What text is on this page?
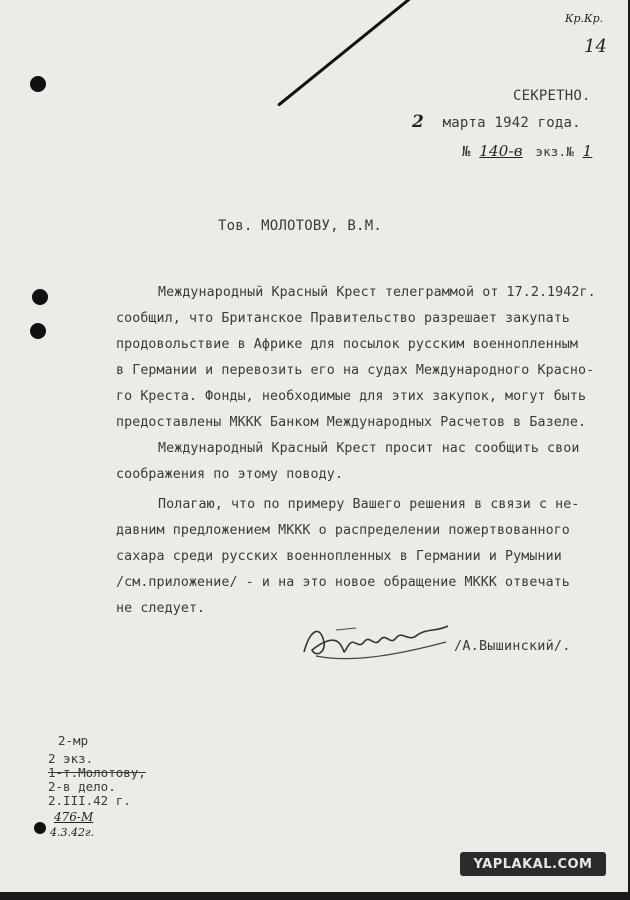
Кр.Кр.
14
СЕКРЕТНО.
2 марта 1942 года.
№ 140-в экз.№ 1
Тов. МОЛОТОВУ, В.М.
Международный Красный Крест телеграммой от 17.2.1942г.
сообщил, что Британское Правительство разрешает закупать
продовольствие в Африке для посылок русским военнопленным
в Германии и перевозить его на судах Международного Красно-
го Креста. Фонды, необходимые для этих закупок, могут быть
предоставлены МККК Банком Международных Расчетов в Базеле.
Международный Красный Крест просит нас сообщить свои
соображения по этому поводу.
Полагаю, что по примеру Вашего решения в связи с не-
давним предложением МККК о распределении пожертвованного
сахара среди русских военнопленных в Германии и Румынии
/см.приложение/ - и на это новое обращение МККК отвечать
не следует.
/А.Вышинский/.
2-мр
2 экз.
1-т.Молотову,
2-в дело.
2.III.42 г.
476-М
4.3.42г.
YAPLAKAL.COM
